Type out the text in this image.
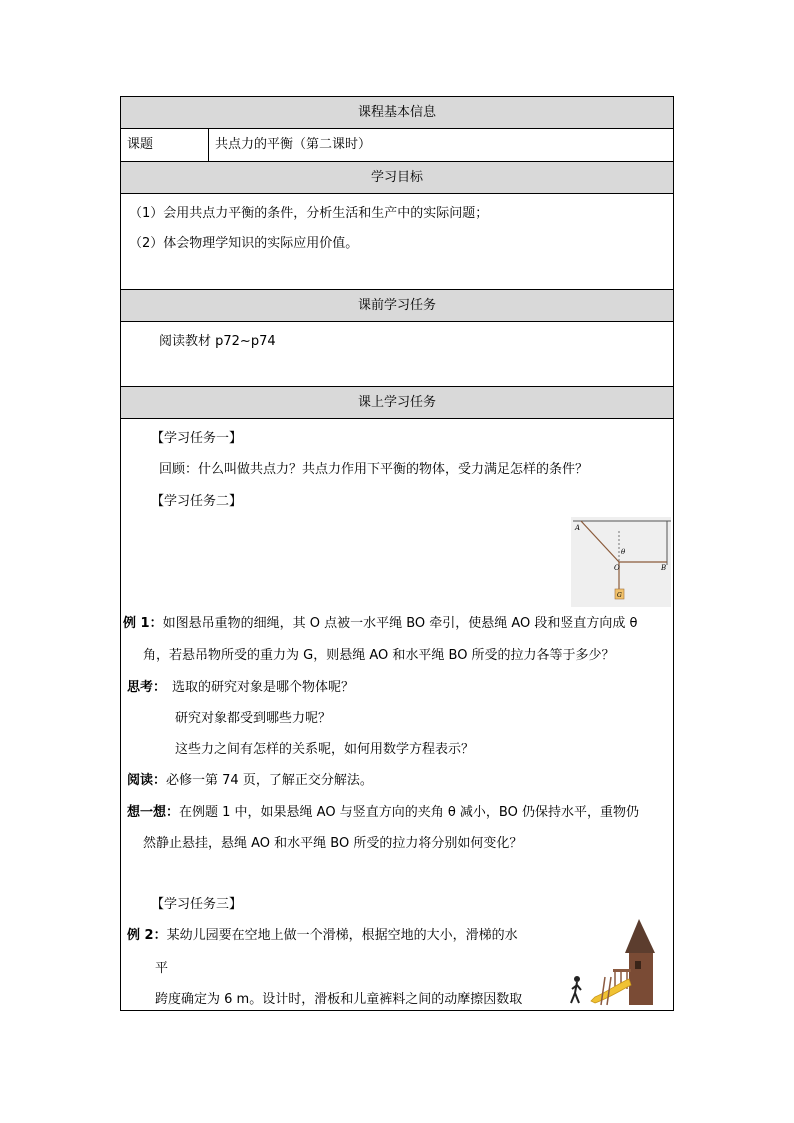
课程基本信息
课题	共点力的平衡（第二课时）
学习目标
（1）会用共点力平衡的条件，分析生活和生产中的实际问题；
（2）体会物理学知识的实际应用价值。
课前学习任务
阅读教材 p72~p74
课上学习任务
【学习任务一】
回顾：什么叫做共点力？共点力作用下平衡的物体，受力满足怎样的条件？
【学习任务二】
A
θ
O	B
G
例 1：如图悬吊重物的细绳，其 O 点被一水平绳 BO 牵引，使悬绳 AO 段和竖直方向成 θ
角，若悬吊物所受的重力为 G，则悬绳 AO 和水平绳 BO 所受的拉力各等于多少？
思考： 选取的研究对象是哪个物体呢？
研究对象都受到哪些力呢？
这些力之间有怎样的关系呢，如何用数学方程表示？
阅读：必修一第 74 页，了解正交分解法。
想一想：在例题 1 中，如果悬绳 AO 与竖直方向的夹角 θ 减小，BO 仍保持水平，重物仍
然静止悬挂，悬绳 AO 和水平绳 BO 所受的拉力将分别如何变化？
【学习任务三】
例 2：某幼儿园要在空地上做一个滑梯，根据空地的大小，滑梯的水
平
跨度确定为 6 m。设计时，滑板和儿童裤料之间的动摩擦因数取
